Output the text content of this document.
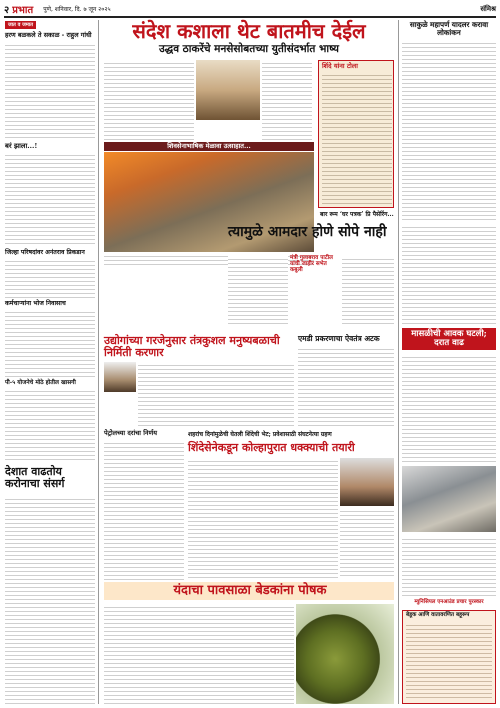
२ प्रभात पुणे, शनिवार, दि. ७ जून २०२५	संमिश्र
जात व जमात
हरण बळकले ते सकाळ - राहुल गांधी
बरं झाला...!
जिल्हा परिषदांवर अनंतराव प्रिकडान
कर्मचाऱ्यांना भोज निवासाच
पी-५ योजनेचे मोठे होतील खासगी
देशात वाढतोय करोनाचा संसर्ग
संदेश कशाला थेट बातमीच देईल
उद्धव ठाकरेंचे मनसेसोबतच्या युतीसंदर्भात भाष्य
शिंदे यांना टोला
शिवसेनाभाषिक मेळावा उत्साहात...
बार रूम ‘घर पत्रक’ प्रि पैसेरिंग...
त्यामुळे आमदार होणे सोपे नाही
मंत्री गुलाबराव पाटील यांची जाहीर सभेत कबुली
उद्योगांच्या गरजेनुसार तंत्रकुशल मनुष्यबळाची निर्मिती करणार
एमडी प्रकरणाचा ऐवतंत्र अटक
पेट्रोलच्या दरांचा निर्णय	शहरांच दिनांमुळेची घेतली शिंदेची भेट; प्रवेशासाठी संघटनेत्या ग्रहण
शिंदेसेनेकडून कोल्हापुरात धक्क्याची तयारी
यंदाचा पावसाळा बेडकांना पोषक
साकुळे महापर्ण यादलर करावा लोकांकन
मासळीची आवक घटली; दरात वाढ
म्युनिसिपल एनआउंड प्रचार पुरस्कार
बेडूक आणि वातावरणित बहूरूप
